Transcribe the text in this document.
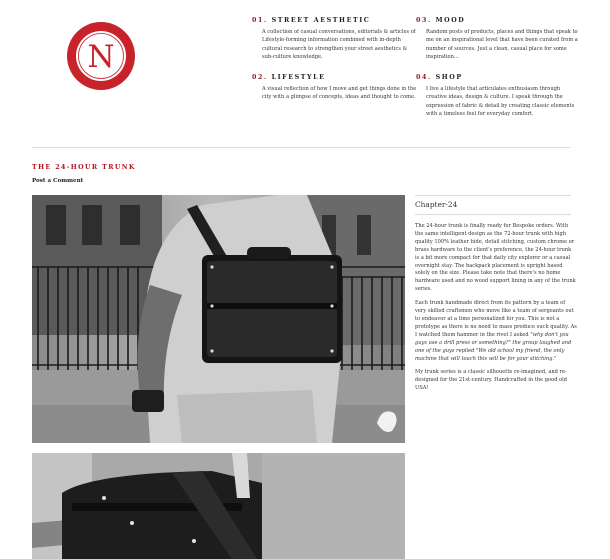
N
01. STREET AESTHETIC

A collection of casual conversations, editorials & articles of Lifestyle-forming information combined with in-depth cultural research to strengthen your street aesthetics & sub-culture knowledge.

02. LIFESTYLE

A visual reflection of how I move and get things done in the city with a glimpse of concepts, ideas and thought to come.

03. MOOD

Random posts of products, places and things that speak to me on an inspirational level that have been curated from a number of sources. Just a clean, casual place for some inspiration...

04. SHOP

I live a lifestyle that articulates enthusiasm through creative ideas, design & culture. I speak through the expression of fabric & detail by creating classic elements with a timeless feel for everyday comfort.

THE 24-HOUR TRUNK
Post a Comment
Chapter-24

The 24-hour trunk is finally ready for Bespoke orders. With the same intelligent design as the 72-hour trunk with high quality 100% leather hide, detail stitching, custom chrome or brass hardware to the client's preference, the 24-hour trunk is a bit more compact for that daily city explorer or a casual overnight stay. The backpack placement is upright based solely on the size. Please take note that there's no home hardware used and no wood support lining in any of the trunk series.

Each trunk handmade direct from its pattern by a team of very skilled craftsmen who move like a team of sergeants out to endeavor at a time personalized for you. This is not a prototype as there is no need to mass produce such quality. As I watched them hammer in the rivet I asked "why don't you guys use a drill press or something?" the group laughed and one of the guys replied "We old school my friend, the only machine that will touch this will be for your stitching."

My trunk series is a classic silhouette re-imagined, and re-designed for the 21st-century. Handcrafted in the good old USA!
